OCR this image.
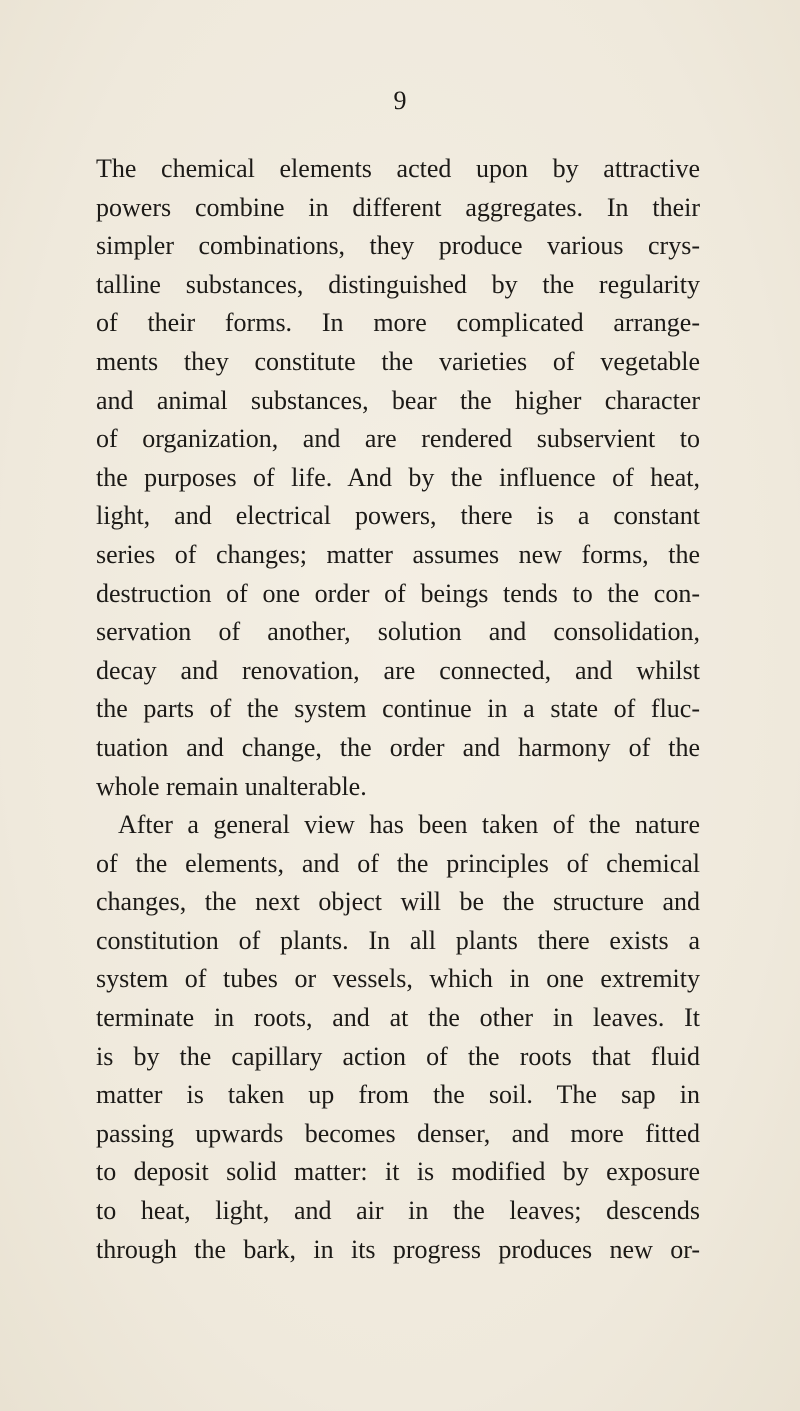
9
The chemical elements acted upon by attractive
powers combine in different aggregates. In their
simpler combinations, they produce various crys-
talline substances, distinguished by the regularity
of their forms. In more complicated arrange-
ments they constitute the varieties of vegetable
and animal substances, bear the higher character
of organization, and are rendered subservient to
the purposes of life. And by the influence of heat,
light, and electrical powers, there is a constant
series of changes; matter assumes new forms, the
destruction of one order of beings tends to the con-
servation of another, solution and consolidation,
decay and renovation, are connected, and whilst
the parts of the system continue in a state of fluc-
tuation and change, the order and harmony of the
whole remain unalterable.
After a general view has been taken of the nature
of the elements, and of the principles of chemical
changes, the next object will be the structure and
constitution of plants. In all plants there exists a
system of tubes or vessels, which in one extremity
terminate in roots, and at the other in leaves. It
is by the capillary action of the roots that fluid
matter is taken up from the soil. The sap in
passing upwards becomes denser, and more fitted
to deposit solid matter: it is modified by exposure
to heat, light, and air in the leaves; descends
through the bark, in its progress produces new or-
